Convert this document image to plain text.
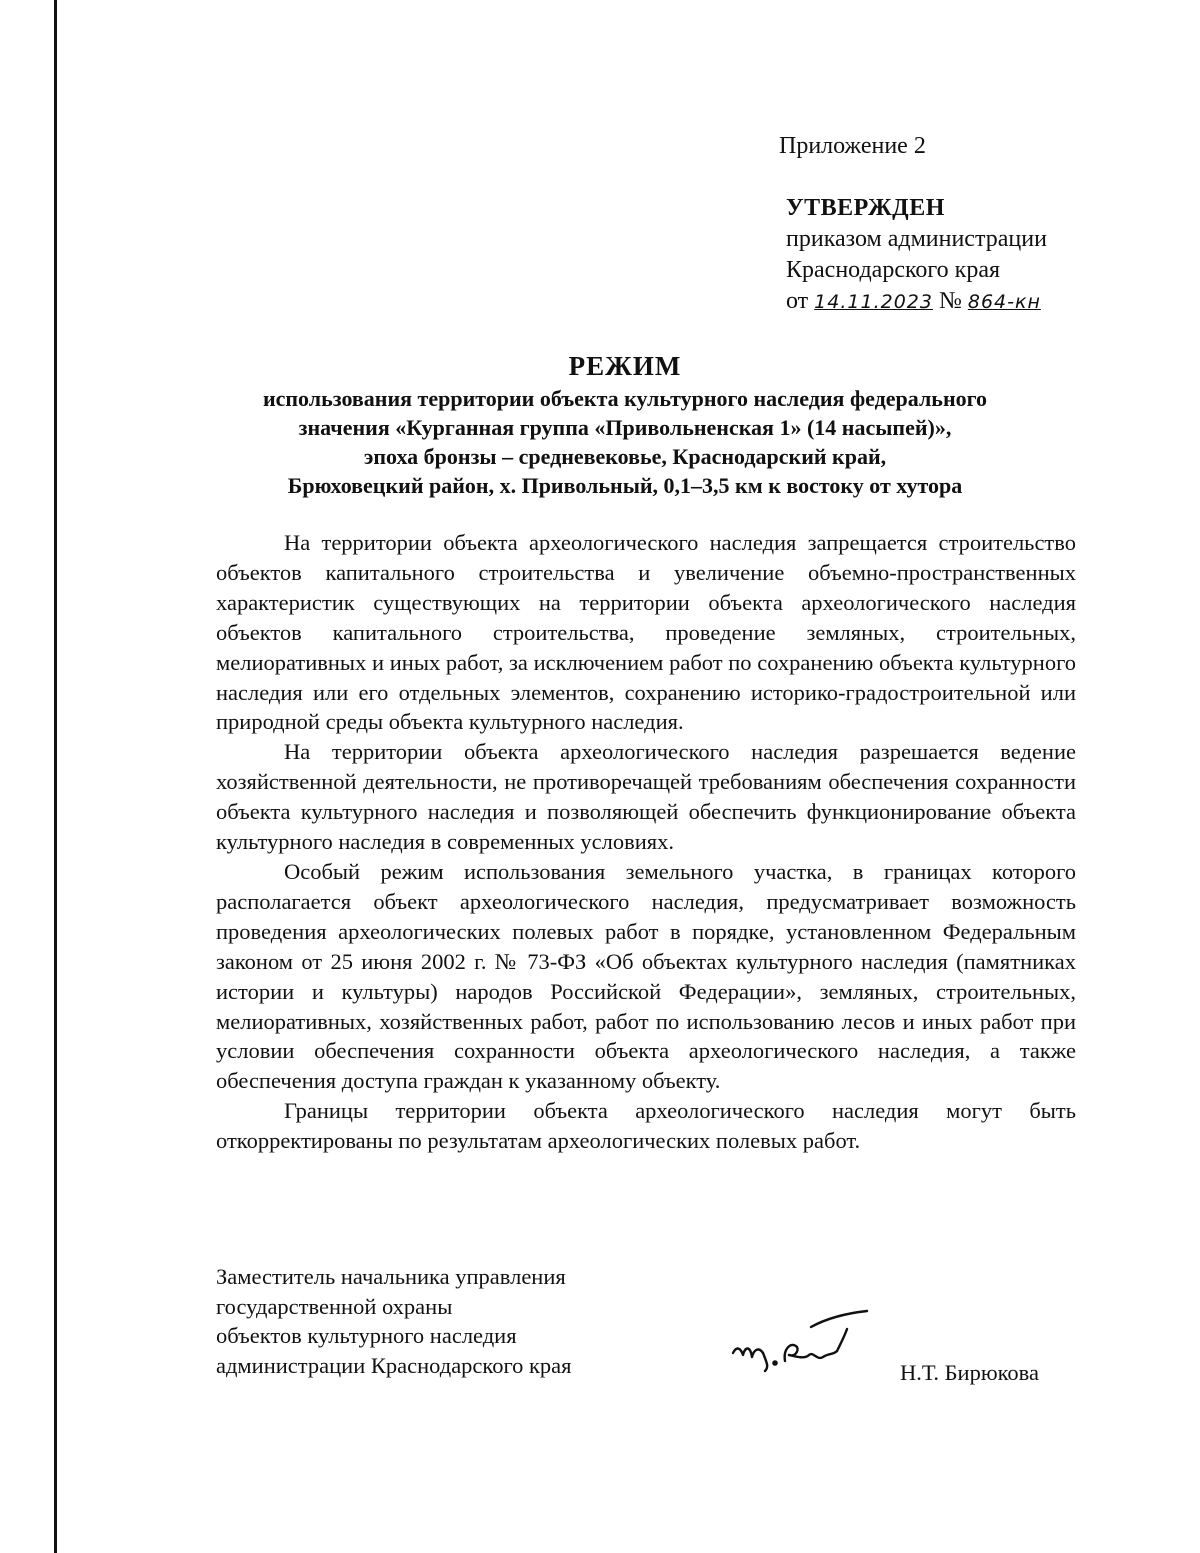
Приложение 2
УТВЕРЖДЕН
приказом администрации
Краснодарского края
от 14.11.2023 № 864-кн
РЕЖИМ
использования территории объекта культурного наследия федерального
значения «Курганная группа «Привольненская 1» (14 насыпей)»,
эпоха бронзы – средневековье, Краснодарский край,
Брюховецкий район, х. Привольный, 0,1–3,5 км к востоку от хутора

На территории объекта археологического наследия запрещается строительство объектов капитального строительства и увеличение объемно-пространственных характеристик существующих на территории объекта археологического наследия объектов капитального строительства, проведение земляных, строительных, мелиоративных и иных работ, за исключением работ по сохранению объекта культурного наследия или его отдельных элементов, сохранению историко-градостроительной или природной среды объекта культурного наследия.

На территории объекта археологического наследия разрешается ведение хозяйственной деятельности, не противоречащей требованиям обеспечения сохранности объекта культурного наследия и позволяющей обеспечить функционирование объекта культурного наследия в современных условиях.

Особый режим использования земельного участка, в границах которого располагается объект археологического наследия, предусматривает возможность проведения археологических полевых работ в порядке, установленном Федеральным законом от 25 июня 2002 г. № 73-ФЗ «Об объектах культурного наследия (памятниках истории и культуры) народов Российской Федерации», земляных, строительных, мелиоративных, хозяйственных работ, работ по использованию лесов и иных работ при условии обеспечения сохранности объекта археологического наследия, а также обеспечения доступа граждан к указанному объекту.

Границы территории объекта археологического наследия могут быть откорректированы по результатам археологических полевых работ.

Заместитель начальника управления
государственной охраны
объектов культурного наследия
администрации Краснодарского края	Н.Т. Бирюкова
